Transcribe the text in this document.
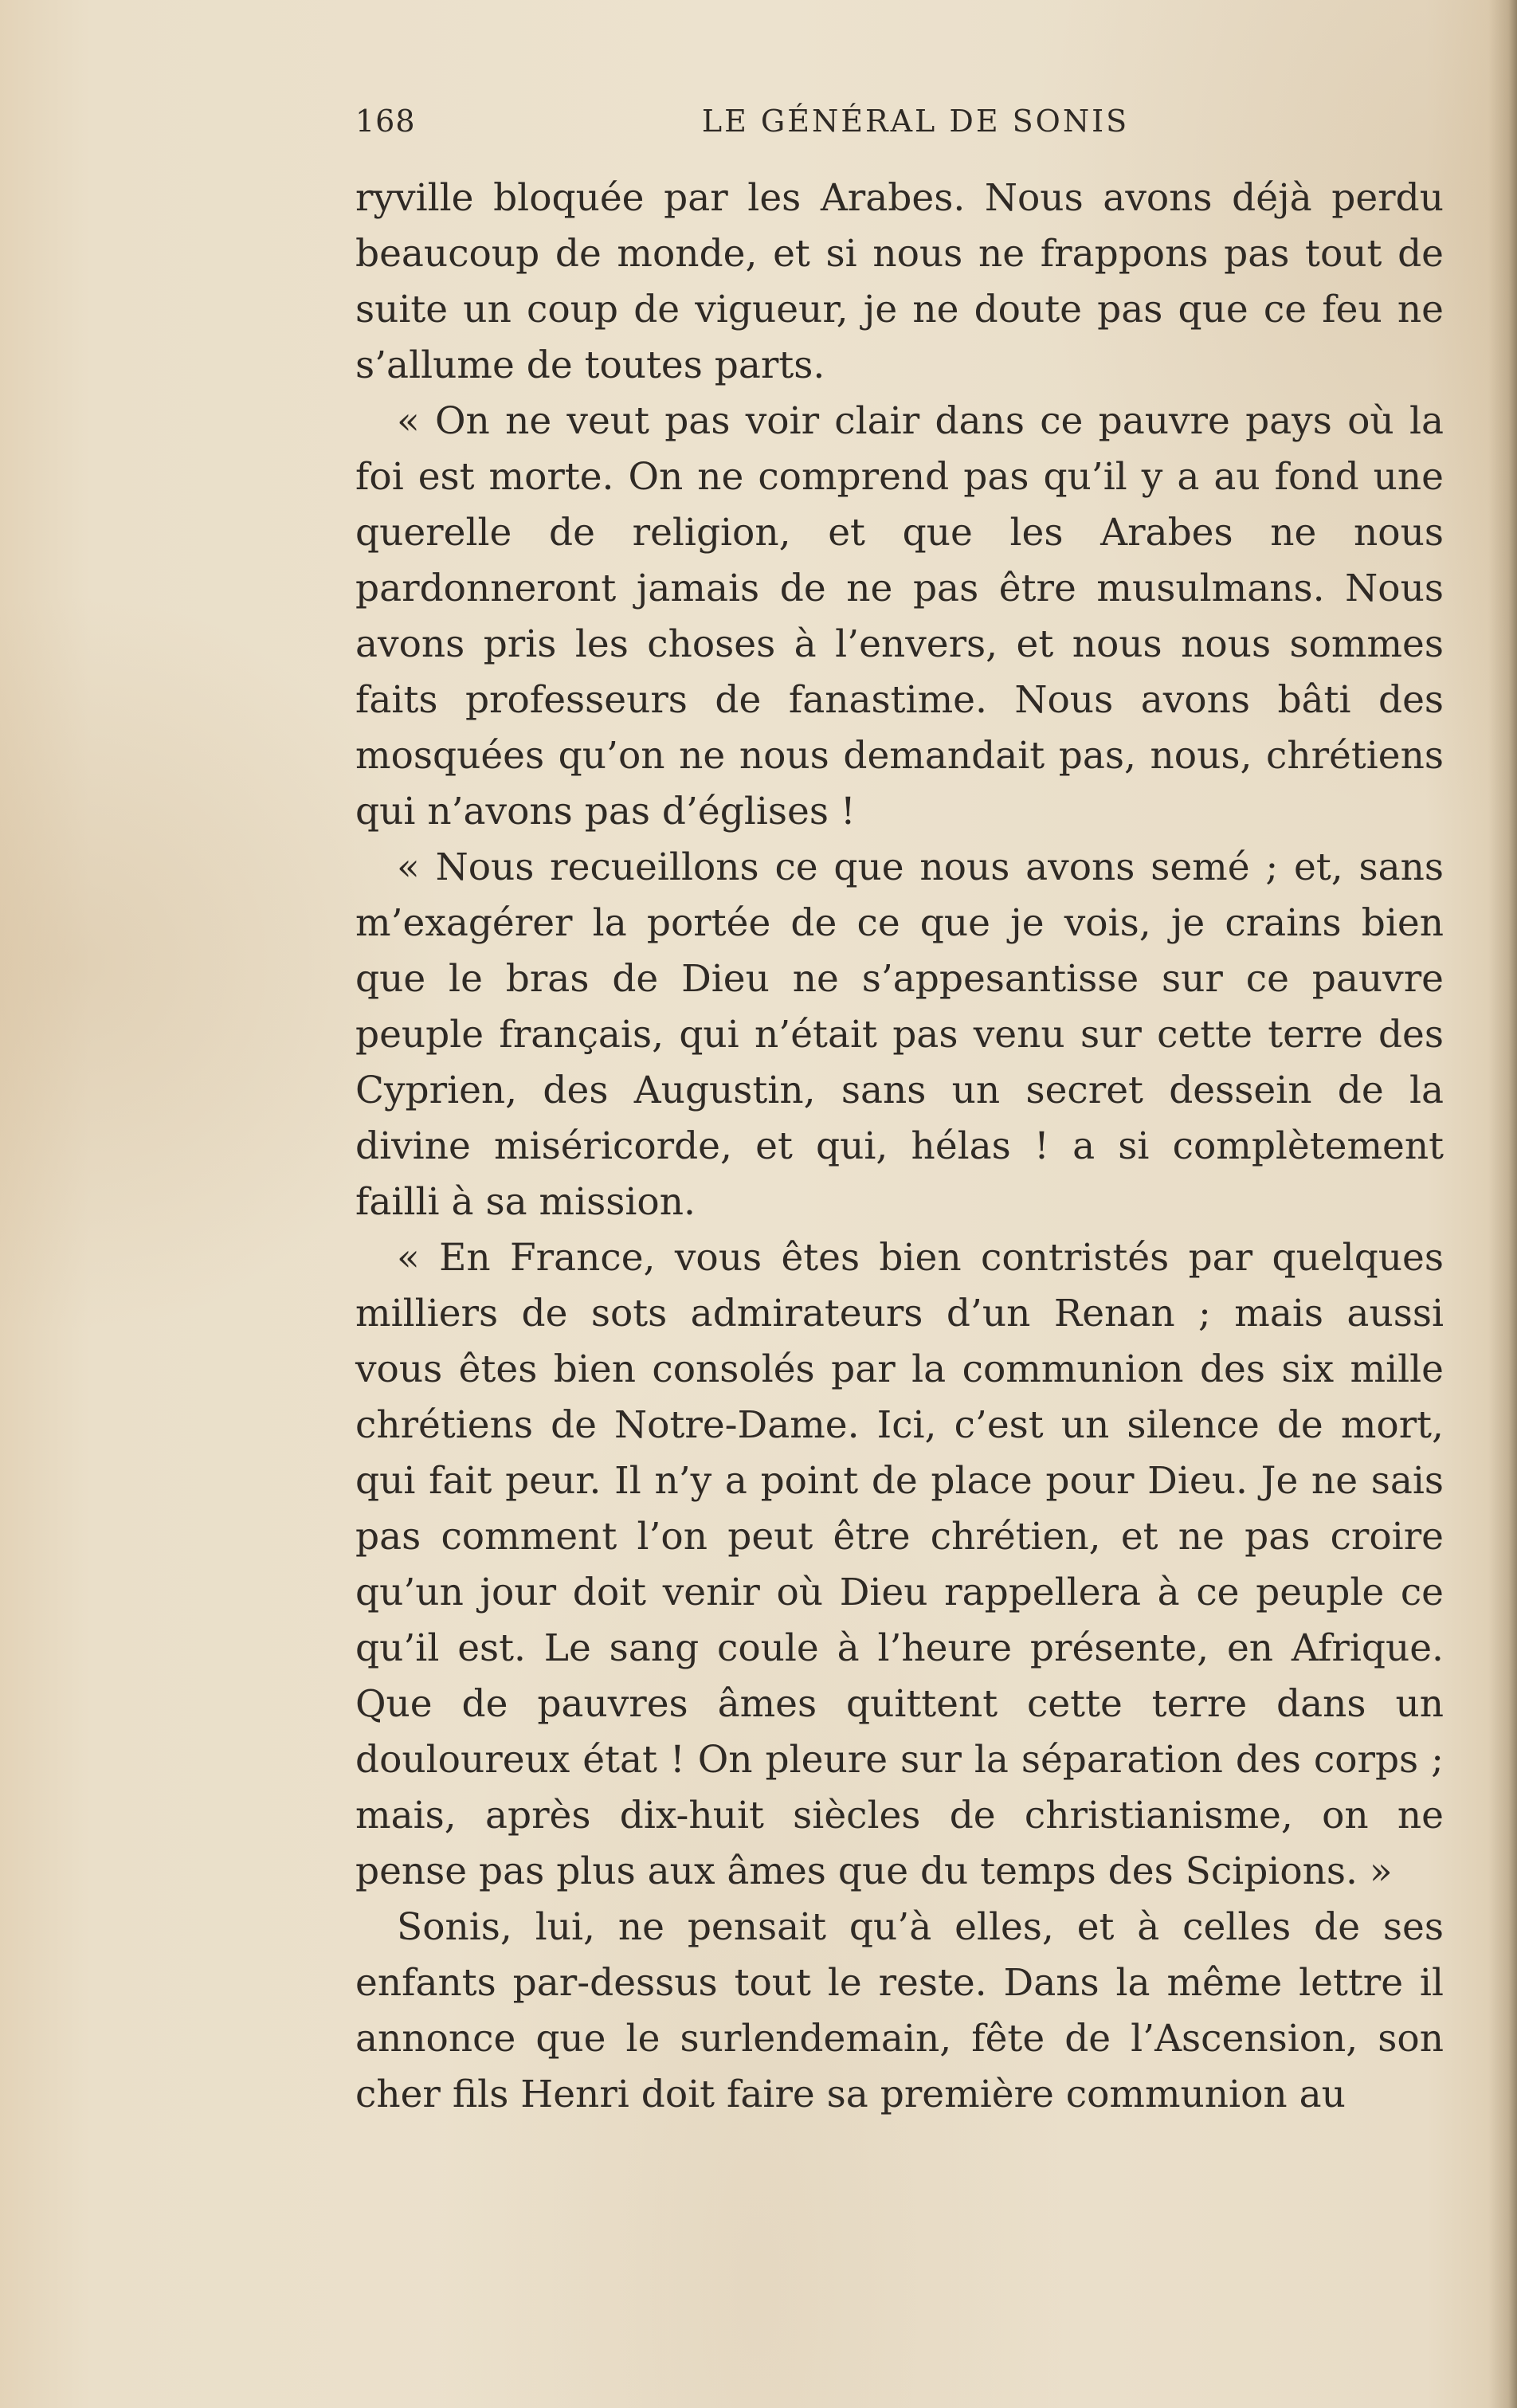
168	LE GÉNÉRAL DE SONIS

ryville bloquée par les Arabes. Nous avons déjà perdu beaucoup de monde, et si nous ne frappons pas tout de suite un coup de vigueur, je ne doute pas que ce feu ne s’allume de toutes parts.

« On ne veut pas voir clair dans ce pauvre pays où la foi est morte. On ne comprend pas qu’il y a au fond une querelle de religion, et que les Arabes ne nous pardonneront jamais de ne pas être musulmans. Nous avons pris les choses à l’envers, et nous nous sommes faits professeurs de fanastime. Nous avons bâti des mosquées qu’on ne nous demandait pas, nous, chrétiens qui n’avons pas d’églises !

« Nous recueillons ce que nous avons semé ; et, sans m’exagérer la portée de ce que je vois, je crains bien que le bras de Dieu ne s’appesantisse sur ce pauvre peuple français, qui n’était pas venu sur cette terre des Cyprien, des Augustin, sans un secret dessein de la divine miséricorde, et qui, hélas ! a si complètement failli à sa mission.

« En France, vous êtes bien contristés par quelques milliers de sots admirateurs d’un Renan ; mais aussi vous êtes bien consolés par la communion des six mille chrétiens de Notre-Dame. Ici, c’est un silence de mort, qui fait peur. Il n’y a point de place pour Dieu. Je ne sais pas comment l’on peut être chrétien, et ne pas croire qu’un jour doit venir où Dieu rappellera à ce peuple ce qu’il est. Le sang coule à l’heure présente, en Afrique. Que de pauvres âmes quittent cette terre dans un douloureux état ! On pleure sur la séparation des corps ; mais, après dix-huit siècles de christianisme, on ne pense pas plus aux âmes que du temps des Scipions. »

Sonis, lui, ne pensait qu’à elles, et à celles de ses enfants par-dessus tout le reste. Dans la même lettre il annonce que le surlendemain, fête de l’Ascension, son cher fils Henri doit faire sa première communion au
